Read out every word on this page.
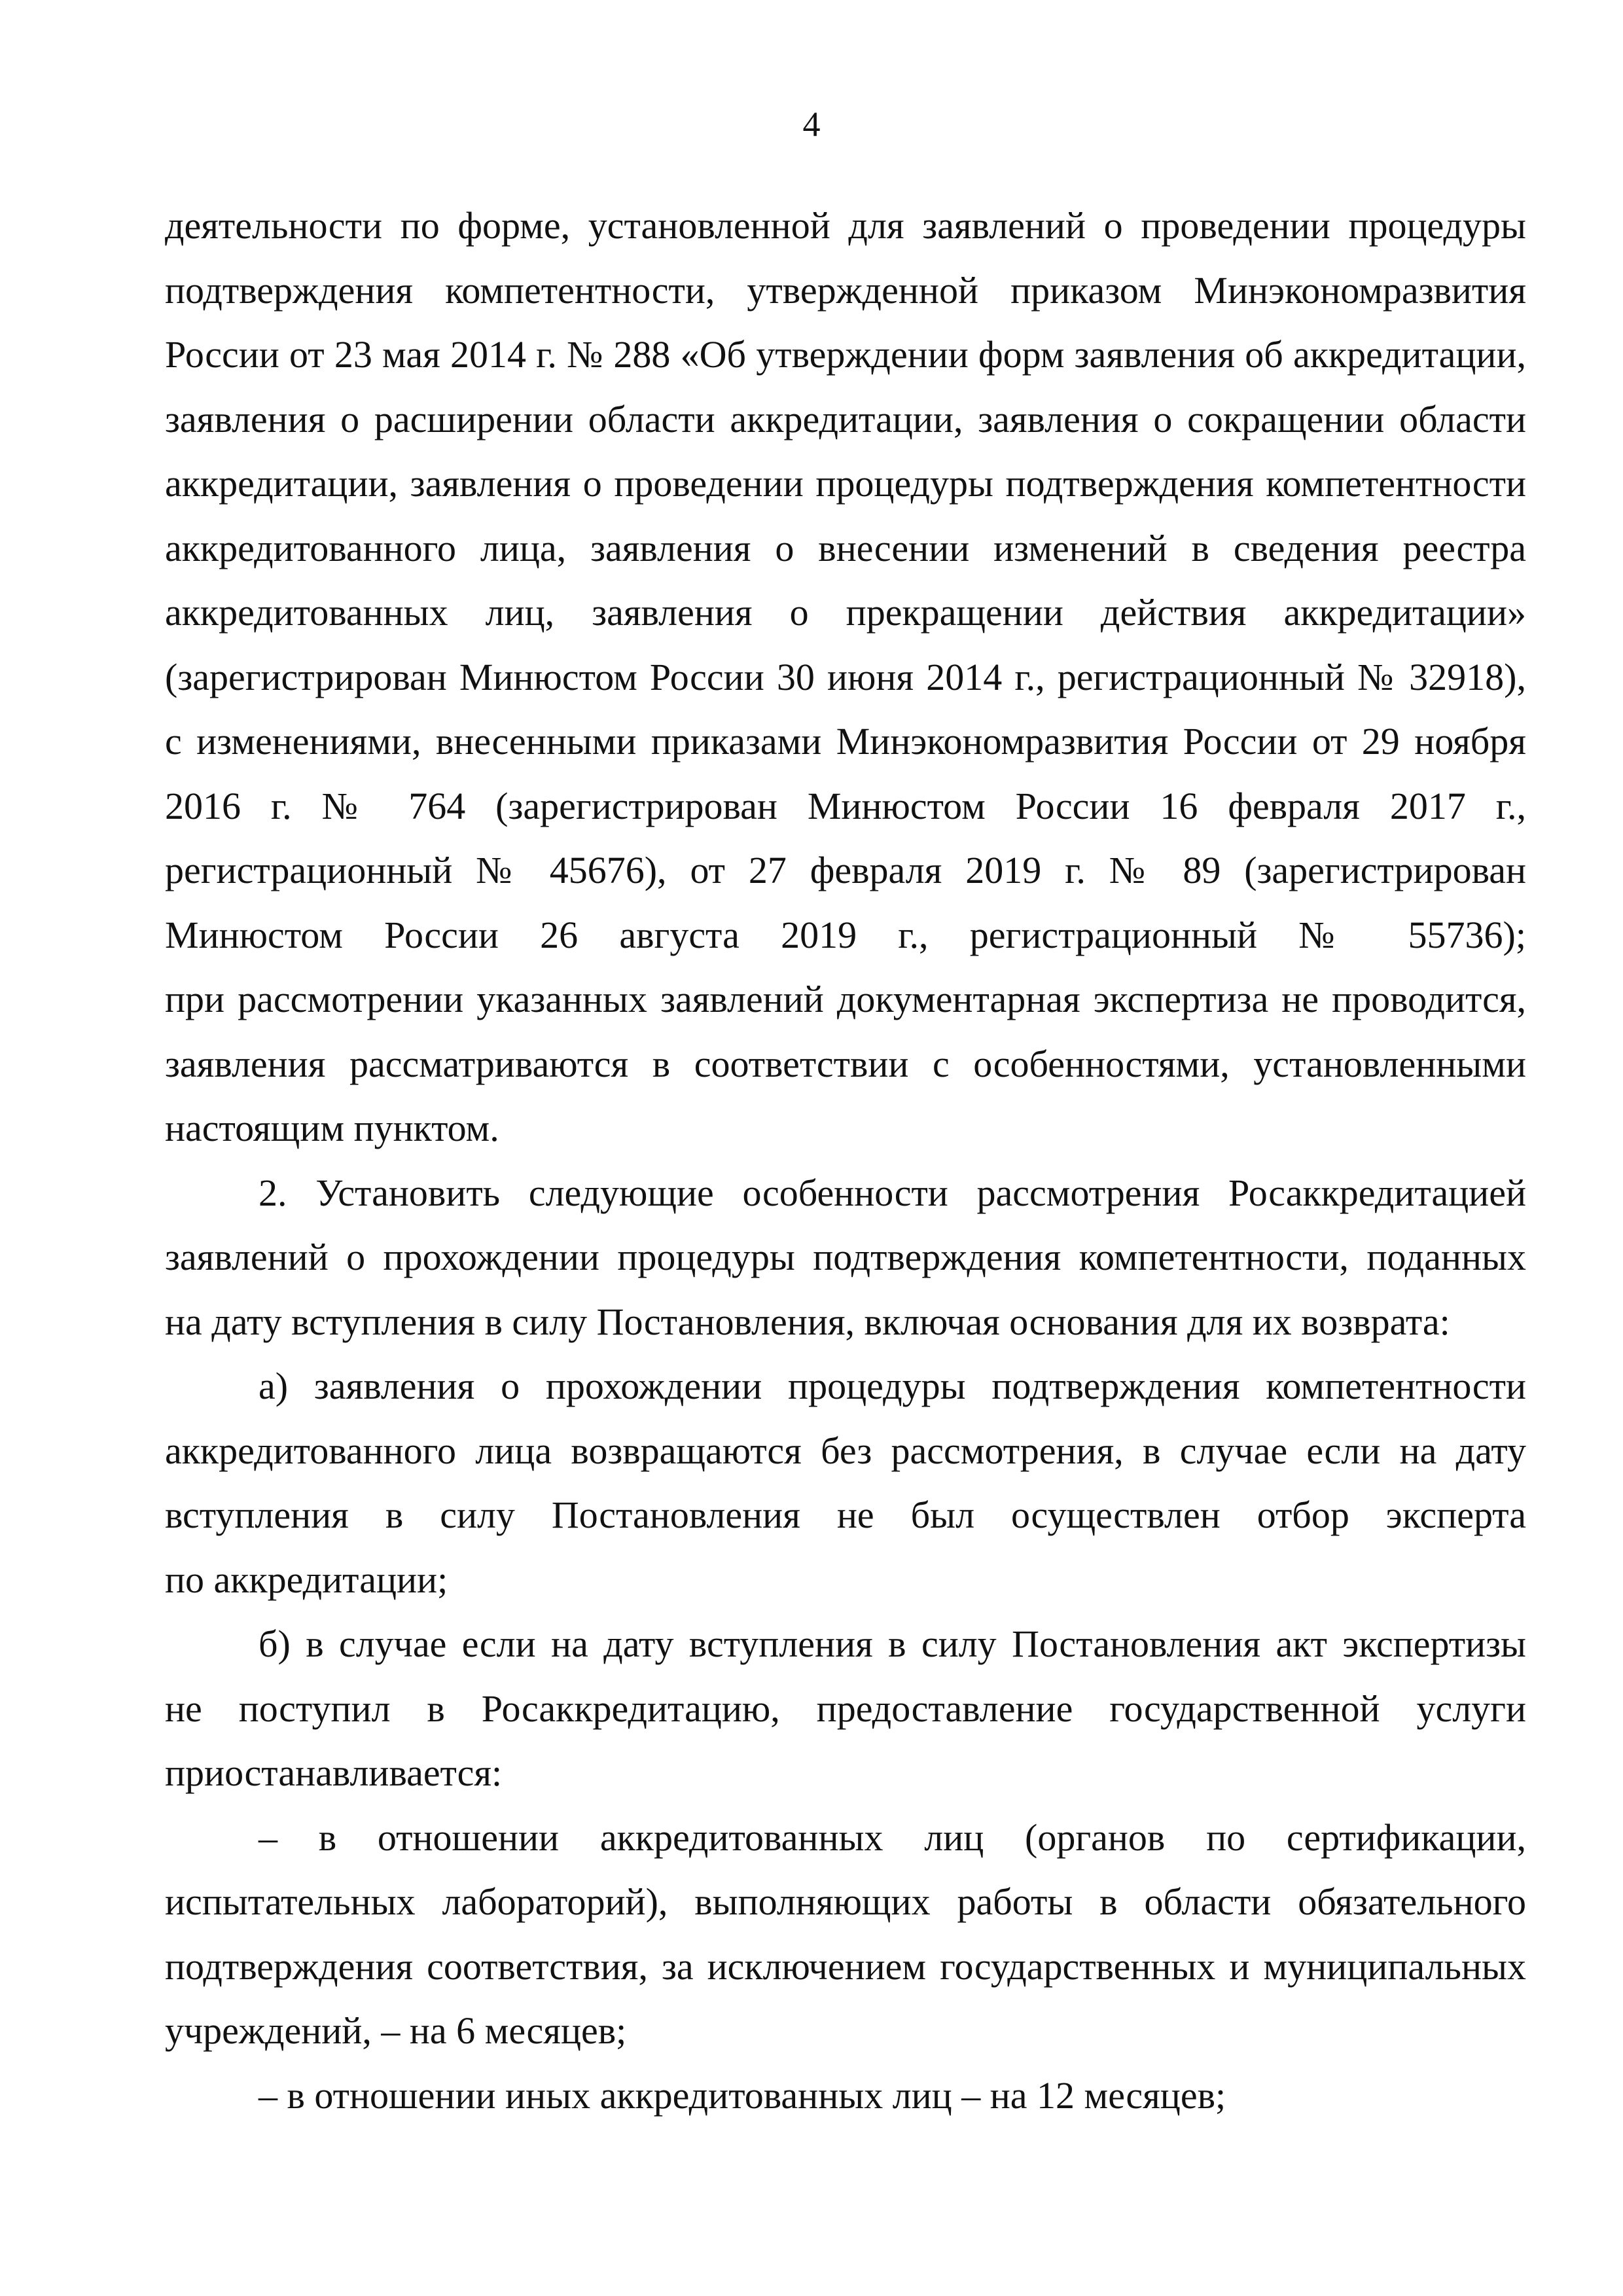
4
деятельности по форме, установленной для заявлений о проведении процедуры
подтверждения компетентности, утвержденной приказом Минэкономразвития
России от 23 мая 2014 г. № 288 «Об утверждении форм заявления об аккредитации,
заявления о расширении области аккредитации, заявления о сокращении области
аккредитации, заявления о проведении процедуры подтверждения компетентности
аккредитованного лица, заявления о внесении изменений в сведения реестра
аккредитованных лиц, заявления о прекращении действия аккредитации»
(зарегистрирован Минюстом России 30 июня 2014 г., регистрационный № 32918),
с изменениями, внесенными приказами Минэкономразвития России от 29 ноября
2016 г. № 764 (зарегистрирован Минюстом России 16 февраля 2017 г.,
регистрационный № 45676), от 27 февраля 2019 г. № 89 (зарегистрирован
Минюстом России 26 августа 2019 г., регистрационный № 55736);
при рассмотрении указанных заявлений документарная экспертиза не проводится,
заявления рассматриваются в соответствии с особенностями, установленными
настоящим пунктом.
2. Установить следующие особенности рассмотрения Росаккредитацией
заявлений о прохождении процедуры подтверждения компетентности, поданных
на дату вступления в силу Постановления, включая основания для их возврата:
а) заявления о прохождении процедуры подтверждения компетентности
аккредитованного лица возвращаются без рассмотрения, в случае если на дату
вступления в силу Постановления не был осуществлен отбор эксперта
по аккредитации;
б) в случае если на дату вступления в силу Постановления акт экспертизы
не поступил в Росаккредитацию, предоставление государственной услуги
приостанавливается:
– в отношении аккредитованных лиц (органов по сертификации,
испытательных лабораторий), выполняющих работы в области обязательного
подтверждения соответствия, за исключением государственных и муниципальных
учреждений, – на 6 месяцев;
– в отношении иных аккредитованных лиц – на 12 месяцев;
